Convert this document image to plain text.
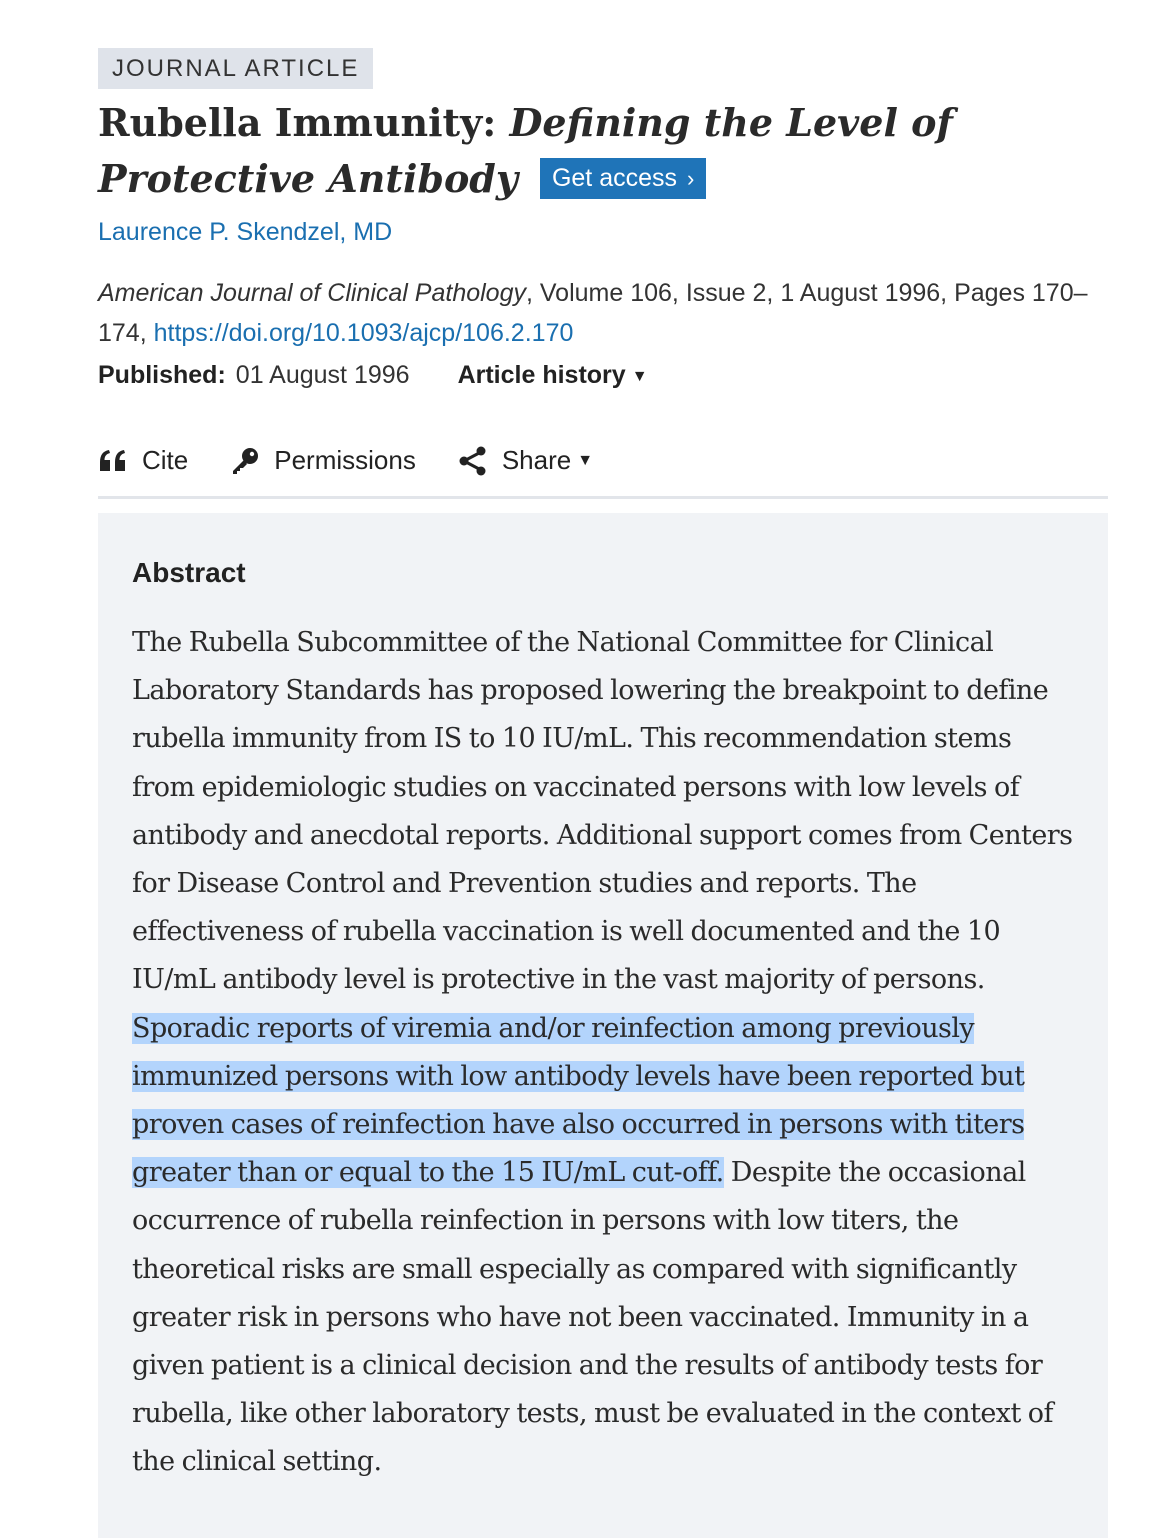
JOURNAL ARTICLE
Rubella Immunity: Defining the Level of Protective Antibody Get access ›
Laurence P. Skendzel, MD
American Journal of Clinical Pathology, Volume 106, Issue 2, 1 August 1996, Pages 170–174, https://doi.org/10.1093/ajcp/106.2.170
Published: 01 August 1996 Article history ▼
Cite	Permissions	Share ▼
Abstract

The Rubella Subcommittee of the National Committee for Clinical Laboratory Standards has proposed lowering the breakpoint to define rubella immunity from IS to 10 IU/mL. This recommendation stems from epidemiologic studies on vaccinated persons with low levels of antibody and anecdotal reports. Additional support comes from Centers for Disease Control and Prevention studies and reports. The effectiveness of rubella vaccination is well documented and the 10 IU/mL antibody level is protective in the vast majority of persons. Sporadic reports of viremia and/or reinfection among previously immunized persons with low antibody levels have been reported but proven cases of reinfection have also occurred in persons with titers greater than or equal to the 15 IU/mL cut-off. Despite the occasional occurrence of rubella reinfection in persons with low titers, the theoretical risks are small especially as compared with significantly greater risk in persons who have not been vaccinated. Immunity in a given patient is a clinical decision and the results of antibody tests for rubella, like other laboratory tests, must be evaluated in the context of the clinical setting.
